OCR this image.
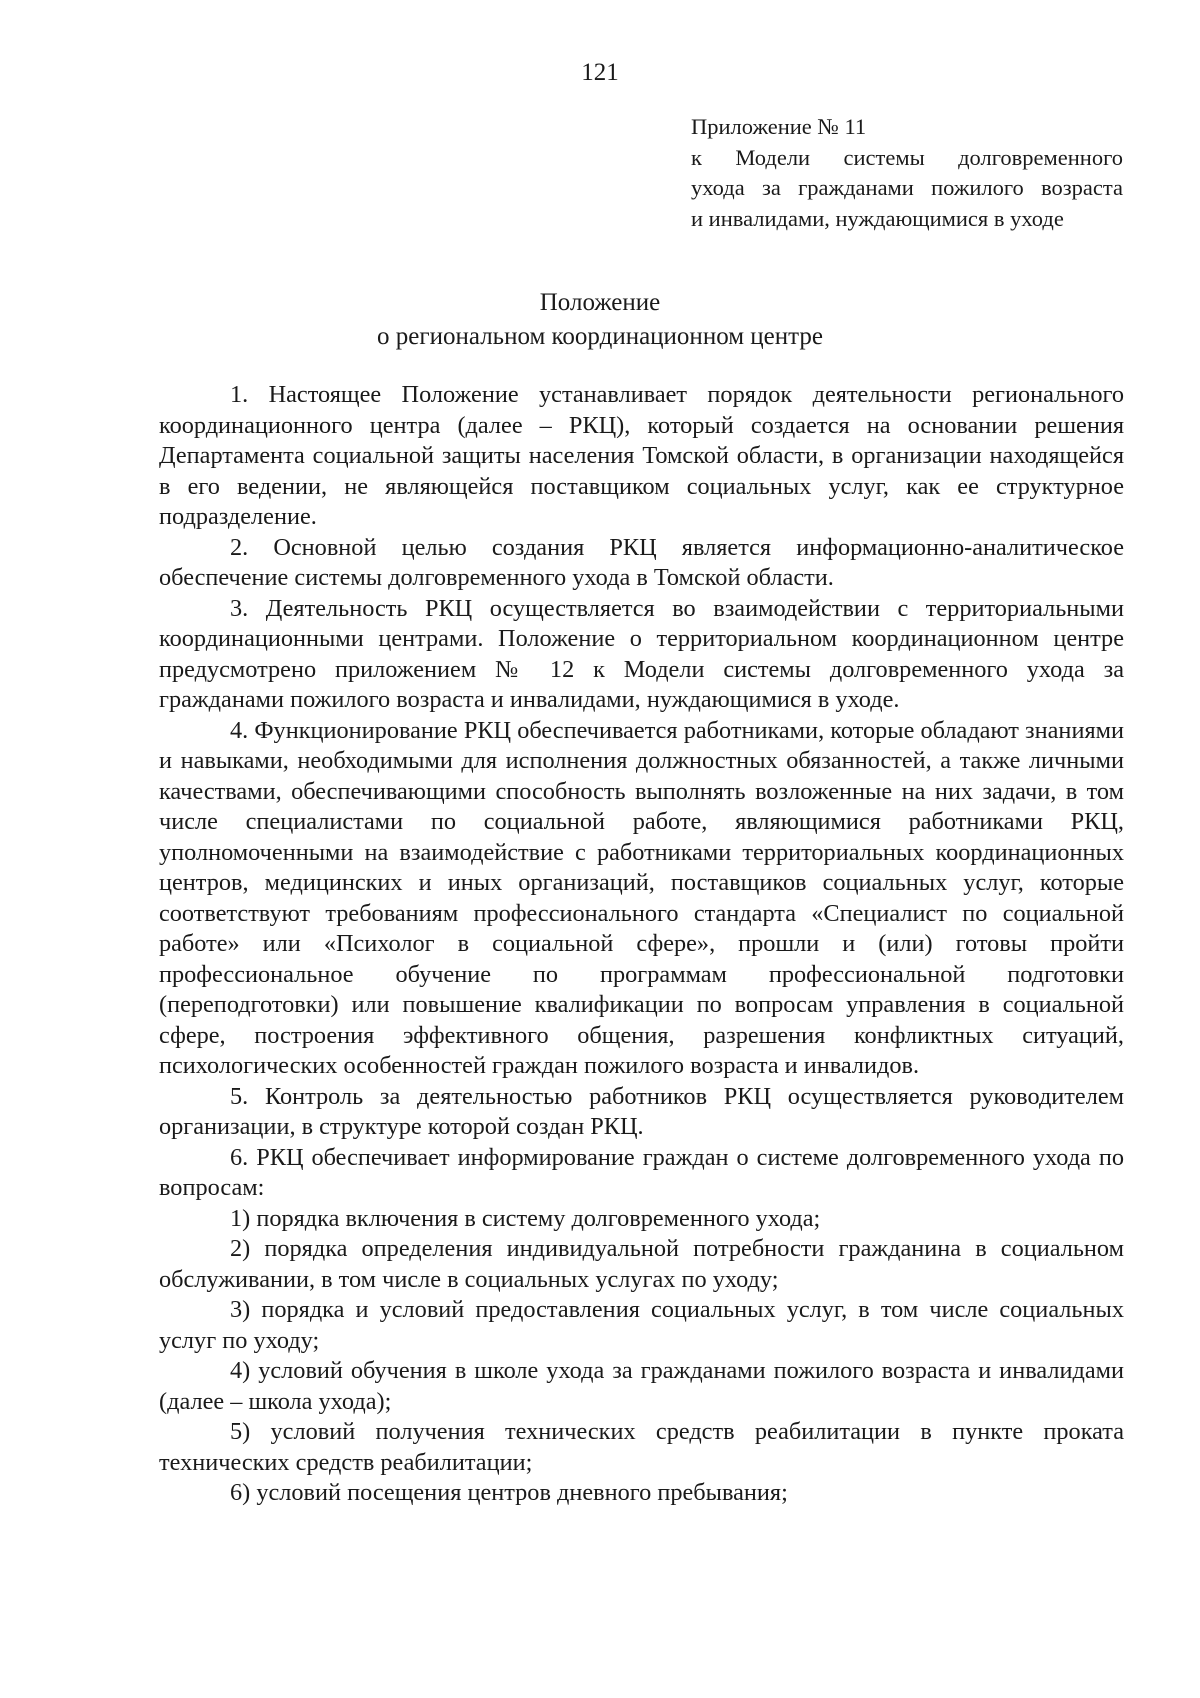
121
Приложение № 11
к Модели системы долговременного
ухода за гражданами пожилого возраста
и инвалидами, нуждающимися в уходе
Положение
о региональном координационном центре

1. Настоящее Положение устанавливает порядок деятельности регионального координационного центра (далее – РКЦ), который создается на основании решения Департамента социальной защиты населения Томской области, в организации находящейся в его ведении, не являющейся поставщиком социальных услуг, как ее структурное подразделение.

2. Основной целью создания РКЦ является информационно-аналитическое обеспечение системы долговременного ухода в Томской области.

3. Деятельность РКЦ осуществляется во взаимодействии с территориальными координационными центрами. Положение о территориальном координационном центре предусмотрено приложением № 12 к Модели системы долговременного ухода за гражданами пожилого возраста и инвалидами, нуждающимися в уходе.

4. Функционирование РКЦ обеспечивается работниками, которые обладают знаниями и навыками, необходимыми для исполнения должностных обязанностей, а также личными качествами, обеспечивающими способность выполнять возложенные на них задачи, в том числе специалистами по социальной работе, являющимися работниками РКЦ, уполномоченными на взаимодействие с работниками территориальных координационных центров, медицинских и иных организаций, поставщиков социальных услуг, которые соответствуют требованиям профессионального стандарта «Специалист по социальной работе» или «Психолог в социальной сфере», прошли и (или) готовы пройти профессиональное обучение по программам профессиональной подготовки (переподготовки) или повышение квалификации по вопросам управления в социальной сфере, построения эффективного общения, разрешения конфликтных ситуаций, психологических особенностей граждан пожилого возраста и инвалидов.

5. Контроль за деятельностью работников РКЦ осуществляется руководителем организации, в структуре которой создан РКЦ.

6. РКЦ обеспечивает информирование граждан о системе долговременного ухода по вопросам:

1) порядка включения в систему долговременного ухода;

2) порядка определения индивидуальной потребности гражданина в социальном обслуживании, в том числе в социальных услугах по уходу;

3) порядка и условий предоставления социальных услуг, в том числе социальных услуг по уходу;

4) условий обучения в школе ухода за гражданами пожилого возраста и инвалидами (далее – школа ухода);

5) условий получения технических средств реабилитации в пункте проката технических средств реабилитации;

6) условий посещения центров дневного пребывания;
